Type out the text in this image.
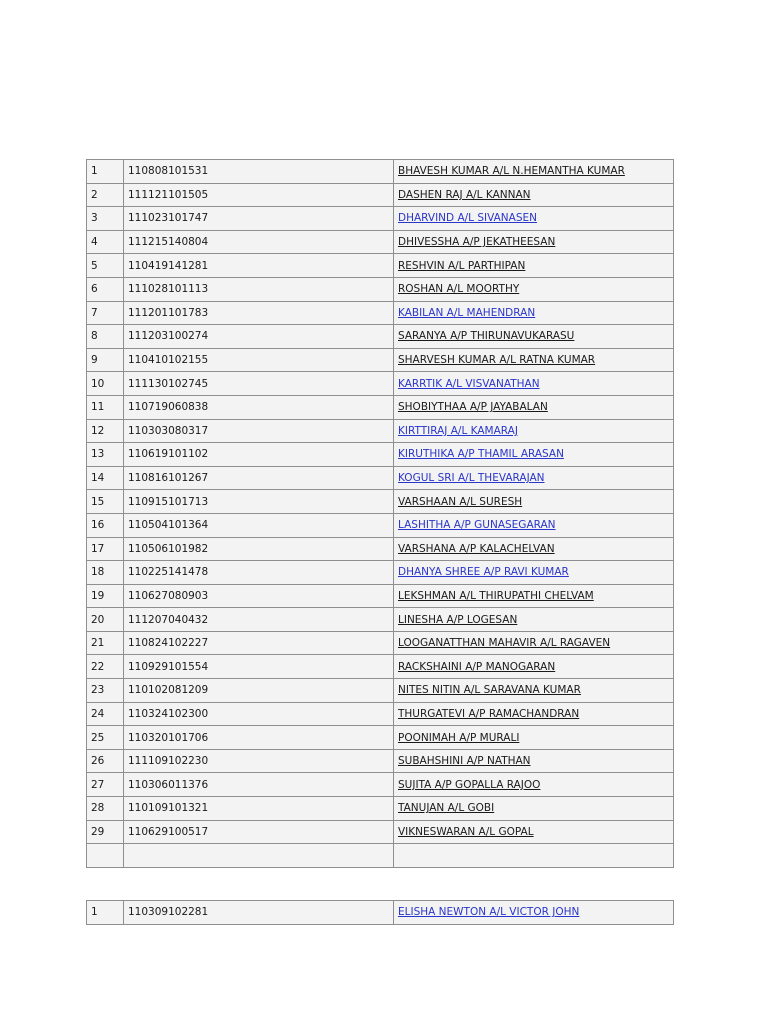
1	110808101531	BHAVESH KUMAR A/L N.HEMANTHA KUMAR
2	111121101505	DASHEN RAJ A/L KANNAN
3	111023101747	DHARVIND A/L SIVANASEN
4	111215140804	DHIVESSHA A/P JEKATHEESAN
5	110419141281	RESHVIN A/L PARTHIPAN
6	111028101113	ROSHAN A/L MOORTHY
7	111201101783	KABILAN A/L MAHENDRAN
8	111203100274	SARANYA A/P THIRUNAVUKARASU
9	110410102155	SHARVESH KUMAR A/L RATNA KUMAR
10	111130102745	KARRTIK A/L VISVANATHAN
11	110719060838	SHOBIYTHAA A/P JAYABALAN
12	110303080317	KIRTTIRAJ A/L KAMARAJ
13	110619101102	KIRUTHIKA A/P THAMIL ARASAN
14	110816101267	KOGUL SRI A/L THEVARAJAN
15	110915101713	VARSHAAN A/L SURESH
16	110504101364	LASHITHA A/P GUNASEGARAN
17	110506101982	VARSHANA A/P KALACHELVAN
18	110225141478	DHANYA SHREE A/P RAVI KUMAR
19	110627080903	LEKSHMAN A/L THIRUPATHI CHELVAM
20	111207040432	LINESHA A/P LOGESAN
21	110824102227	LOOGANATTHAN MAHAVIR A/L RAGAVEN
22	110929101554	RACKSHAINI A/P MANOGARAN
23	110102081209	NITES NITIN A/L SARAVANA KUMAR
24	110324102300	THURGATEVI A/P RAMACHANDRAN
25	110320101706	POONIMAH A/P MURALI
26	111109102230	SUBAHSHINI A/P NATHAN
27	110306011376	SUJITA A/P GOPALLA RAJOO
28	110109101321	TANUJAN A/L GOBI
29	110629100517	VIKNESWARAN A/L GOPAL

1	110309102281	ELISHA NEWTON A/L VICTOR JOHN
